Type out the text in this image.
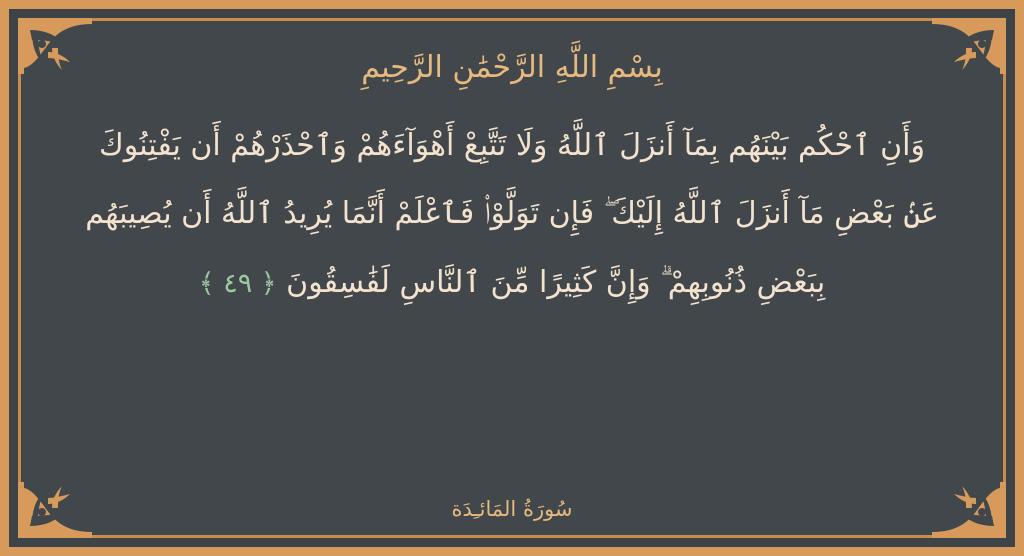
بِسْمِ اللَّهِ الرَّحْمَٰنِ الرَّحِيمِ
وَأَنِ ٱحْكُم بَيْنَهُم بِمَآ أَنزَلَ ٱللَّهُ وَلَا تَتَّبِعْ أَهْوَآءَهُمْ وَٱحْذَرْهُمْ أَن يَفْتِنُوكَ عَنۢ بَعْضِ مَآ أَنزَلَ ٱللَّهُ إِلَيْكَ ۖ فَإِن تَوَلَّوْا۟ فَٱعْلَمْ أَنَّمَا يُرِيدُ ٱللَّهُ أَن يُصِيبَهُم بِبَعْضِ ذُنُوبِهِمْ ۗ وَإِنَّ كَثِيرًا مِّنَ ٱلنَّاسِ لَفَٰسِقُونَ ﴿ ٤٩ ﴾
سُورَةُ المَائـِدَة
